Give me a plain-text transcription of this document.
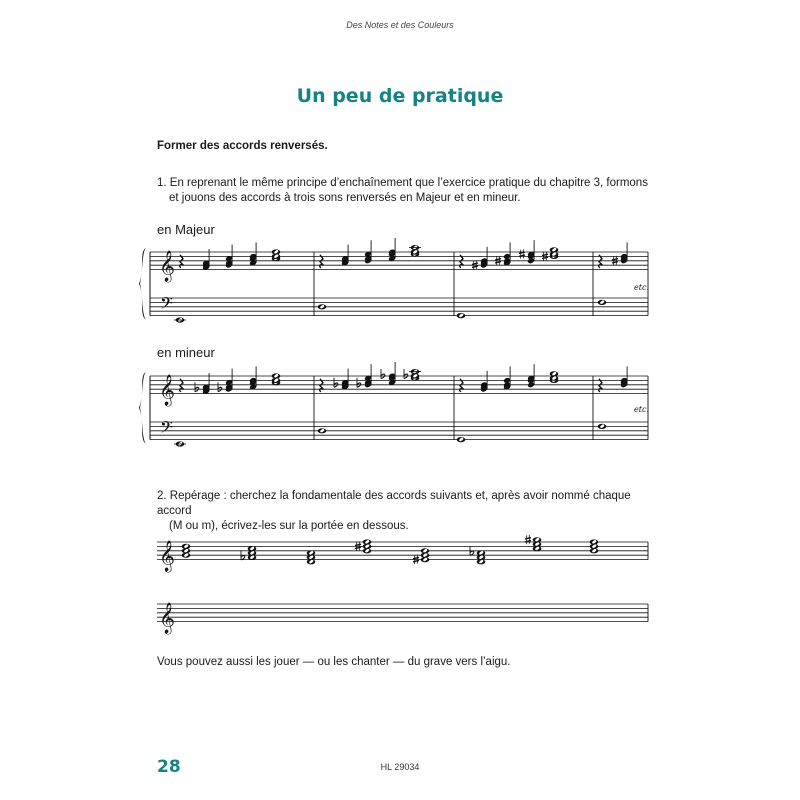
Des Notes et des Couleurs
Un peu de pratique

Former des accords renversés.

1. En reprenant le même principe d’enchaînement que l’exercice pratique du chapitre 3, formons
et jouons des accords à trois sons renversés en Majeur et en mineur.

en Majeur

en mineur

2. Repérage : cherchez la fondamentale des accords suivants et, après avoir nommé chaque accord
(M ou m), écrivez-les sur la portée en dessous.

Vous pouvez aussi les jouer — ou les chanter — du grave vers l’aigu.

𝄞
𝄢
𝄞
𝄢
𝄞
𝄞
etc.
etc.
28	HL 29034
